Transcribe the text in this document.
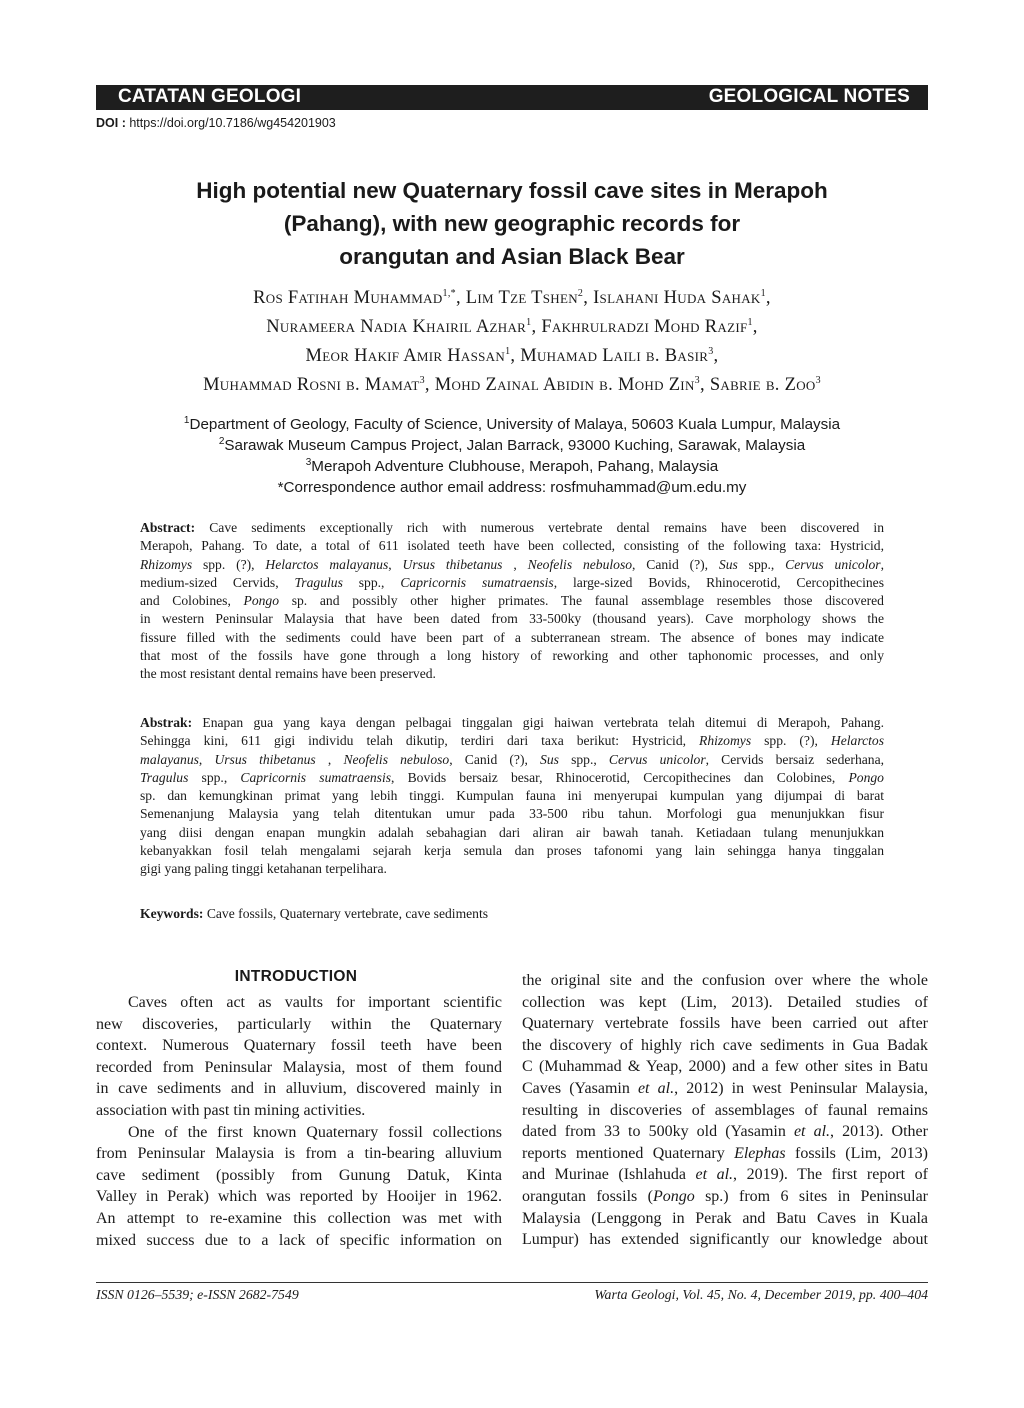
CATATAN GEOLOGI	GEOLOGICAL NOTES
DOI : https://doi.org/10.7186/wg454201903
High potential new Quaternary fossil cave sites in Merapoh
(Pahang), with new geographic records for
orangutan and Asian Black Bear
Ros Fatihah Muhammad$^{1,*}$, Lim Tze Tshen$^2$, Islahani Huda Sahak$^1$,
Nurameera Nadia Khairil Azhar$^1$, Fakhrulradzi Mohd Razif$^1$,
Meor Hakif Amir Hassan$^1$, Muhamad Laili b. Basir$^3$,
Muhammad Rosni b. Mamat$^3$, Mohd Zainal Abidin b. Mohd Zin$^3$, Sabrie b. Zoo$^3$
$^1$Department of Geology, Faculty of Science, University of Malaya, 50603 Kuala Lumpur, Malaysia
$^2$Sarawak Museum Campus Project, Jalan Barrack, 93000 Kuching, Sarawak, Malaysia
$^3$Merapoh Adventure Clubhouse, Merapoh, Pahang, Malaysia
*Correspondence author email address: rosfmuhammad@um.edu.my
Abstract: Cave sediments exceptionally rich with numerous vertebrate dental remains have been discovered in
Merapoh, Pahang. To date, a total of 611 isolated teeth have been collected, consisting of the following taxa: Hystricid,
Rhizomys spp. (?), Helarctos malayanus, Ursus thibetanus , Neofelis nebuloso, Canid (?), Sus spp., Cervus unicolor,
medium-sized Cervids, Tragulus spp., Capricornis sumatraensis, large-sized Bovids, Rhinocerotid, Cercopithecines
and Colobines, Pongo sp. and possibly other higher primates. The faunal assemblage resembles those discovered
in western Peninsular Malaysia that have been dated from 33-500ky (thousand years). Cave morphology shows the
fissure filled with the sediments could have been part of a subterranean stream. The absence of bones may indicate
that most of the fossils have gone through a long history of reworking and other taphonomic processes, and only
the most resistant dental remains have been preserved.
Abstrak: Enapan gua yang kaya dengan pelbagai tinggalan gigi haiwan vertebrata telah ditemui di Merapoh, Pahang.
Sehingga kini, 611 gigi individu telah dikutip, terdiri dari taxa berikut: Hystricid, Rhizomys spp. (?), Helarctos
malayanus, Ursus thibetanus , Neofelis nebuloso, Canid (?), Sus spp., Cervus unicolor, Cervids bersaiz sederhana,
Tragulus spp., Capricornis sumatraensis, Bovids bersaiz besar, Rhinocerotid, Cercopithecines dan Colobines, Pongo
sp. dan kemungkinan primat yang lebih tinggi. Kumpulan fauna ini menyerupai kumpulan yang dijumpai di barat
Semenanjung Malaysia yang telah ditentukan umur pada 33-500 ribu tahun. Morfologi gua menunjukkan fisur
yang diisi dengan enapan mungkin adalah sebahagian dari aliran air bawah tanah. Ketiadaan tulang menunjukkan
kebanyakkan fosil telah mengalami sejarah kerja semula dan proses tafonomi yang lain sehingga hanya tinggalan
gigi yang paling tinggi ketahanan terpelihara.
Keywords: Cave fossils, Quaternary vertebrate, cave sediments
INTRODUCTION
Caves often act as vaults for important scientific
new discoveries, particularly within the Quaternary
context. Numerous Quaternary fossil teeth have been
recorded from Peninsular Malaysia, most of them found
in cave sediments and in alluvium, discovered mainly in
association with past tin mining activities.
One of the first known Quaternary fossil collections
from Peninsular Malaysia is from a tin-bearing alluvium
cave sediment (possibly from Gunung Datuk, Kinta
Valley in Perak) which was reported by Hooijer in 1962.
An attempt to re-examine this collection was met with
mixed success due to a lack of specific information on
the original site and the confusion over where the whole
collection was kept (Lim, 2013). Detailed studies of
Quaternary vertebrate fossils have been carried out after
the discovery of highly rich cave sediments in Gua Badak
C (Muhammad & Yeap, 2000) and a few other sites in Batu
Caves (Yasamin et al., 2012) in west Peninsular Malaysia,
resulting in discoveries of assemblages of faunal remains
dated from 33 to 500ky old (Yasamin et al., 2013). Other
reports mentioned Quaternary Elephas fossils (Lim, 2013)
and Murinae (Ishlahuda et al., 2019). The first report of
orangutan fossils (Pongo sp.) from 6 sites in Peninsular
Malaysia (Lenggong in Perak and Batu Caves in Kuala
Lumpur) has extended significantly our knowledge about
ISSN 0126–5539; e-ISSN 2682-7549	Warta Geologi, Vol. 45, No. 4, December 2019, pp. 400–404
